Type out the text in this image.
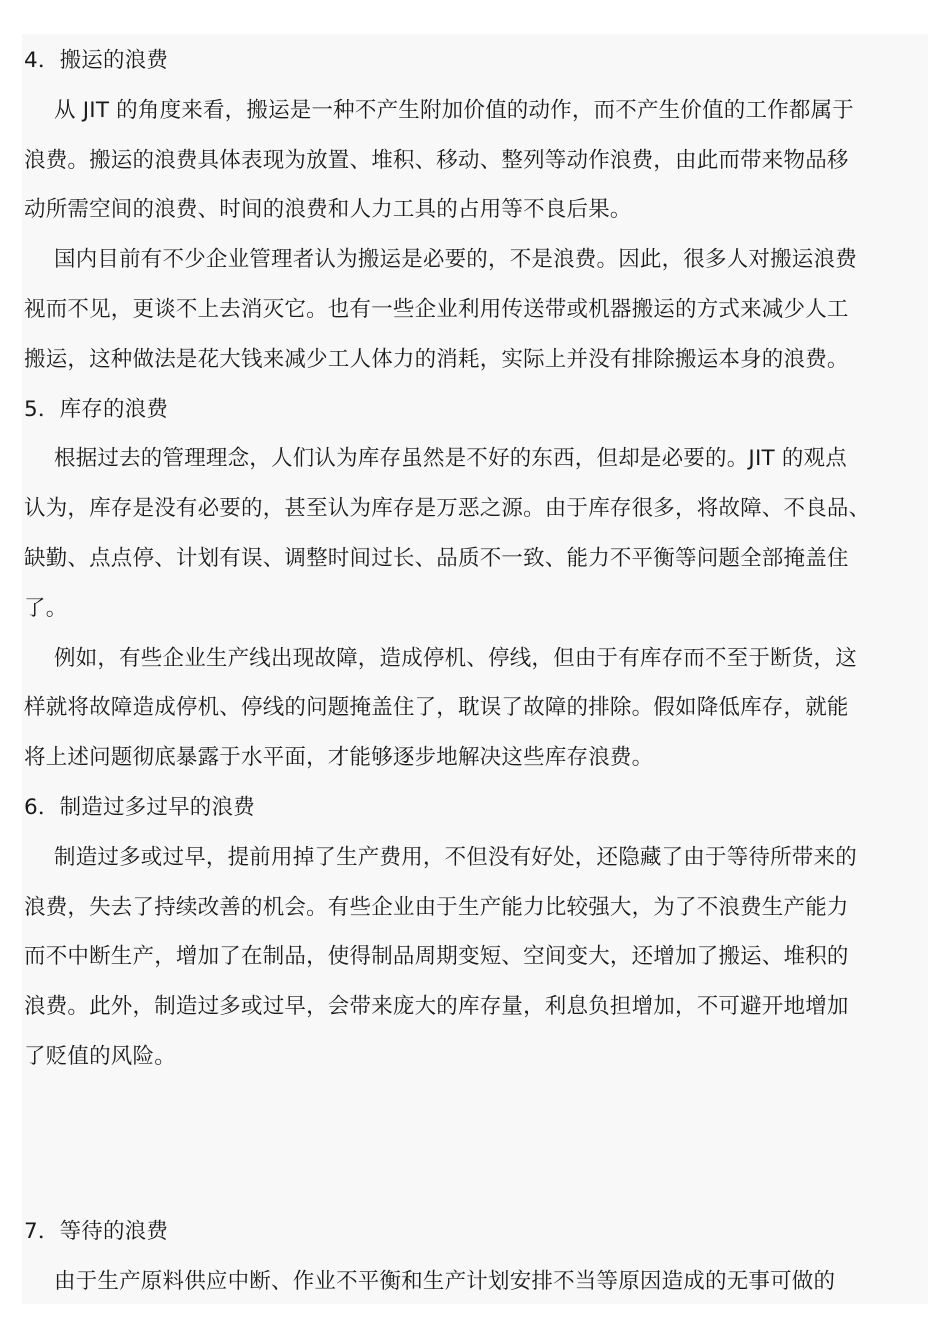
4．搬运的浪费
从 JIT 的角度来看，搬运是一种不产生附加价值的动作，而不产生价值的工作都属于
浪费。搬运的浪费具体表现为放置、堆积、移动、整列等动作浪费，由此而带来物品移
动所需空间的浪费、时间的浪费和人力工具的占用等不良后果。
国内目前有不少企业管理者认为搬运是必要的，不是浪费。因此，很多人对搬运浪费
视而不见，更谈不上去消灭它。也有一些企业利用传送带或机器搬运的方式来减少人工
搬运，这种做法是花大钱来减少工人体力的消耗，实际上并没有排除搬运本身的浪费。
5．库存的浪费
根据过去的管理理念，人们认为库存虽然是不好的东西，但却是必要的。JIT 的观点
认为，库存是没有必要的，甚至认为库存是万恶之源。由于库存很多，将故障、不良品、
缺勤、点点停、计划有误、调整时间过长、品质不一致、能力不平衡等问题全部掩盖住
了。
例如，有些企业生产线出现故障，造成停机、停线，但由于有库存而不至于断货，这
样就将故障造成停机、停线的问题掩盖住了，耽误了故障的排除。假如降低库存，就能
将上述问题彻底暴露于水平面，才能够逐步地解决这些库存浪费。
6．制造过多过早的浪费
制造过多或过早，提前用掉了生产费用，不但没有好处，还隐藏了由于等待所带来的
浪费，失去了持续改善的机会。有些企业由于生产能力比较强大，为了不浪费生产能力
而不中断生产，增加了在制品，使得制品周期变短、空间变大，还增加了搬运、堆积的
浪费。此外，制造过多或过早，会带来庞大的库存量，利息负担增加，不可避开地增加
了贬值的风险。
7．等待的浪费
由于生产原料供应中断、作业不平衡和生产计划安排不当等原因造成的无事可做的
